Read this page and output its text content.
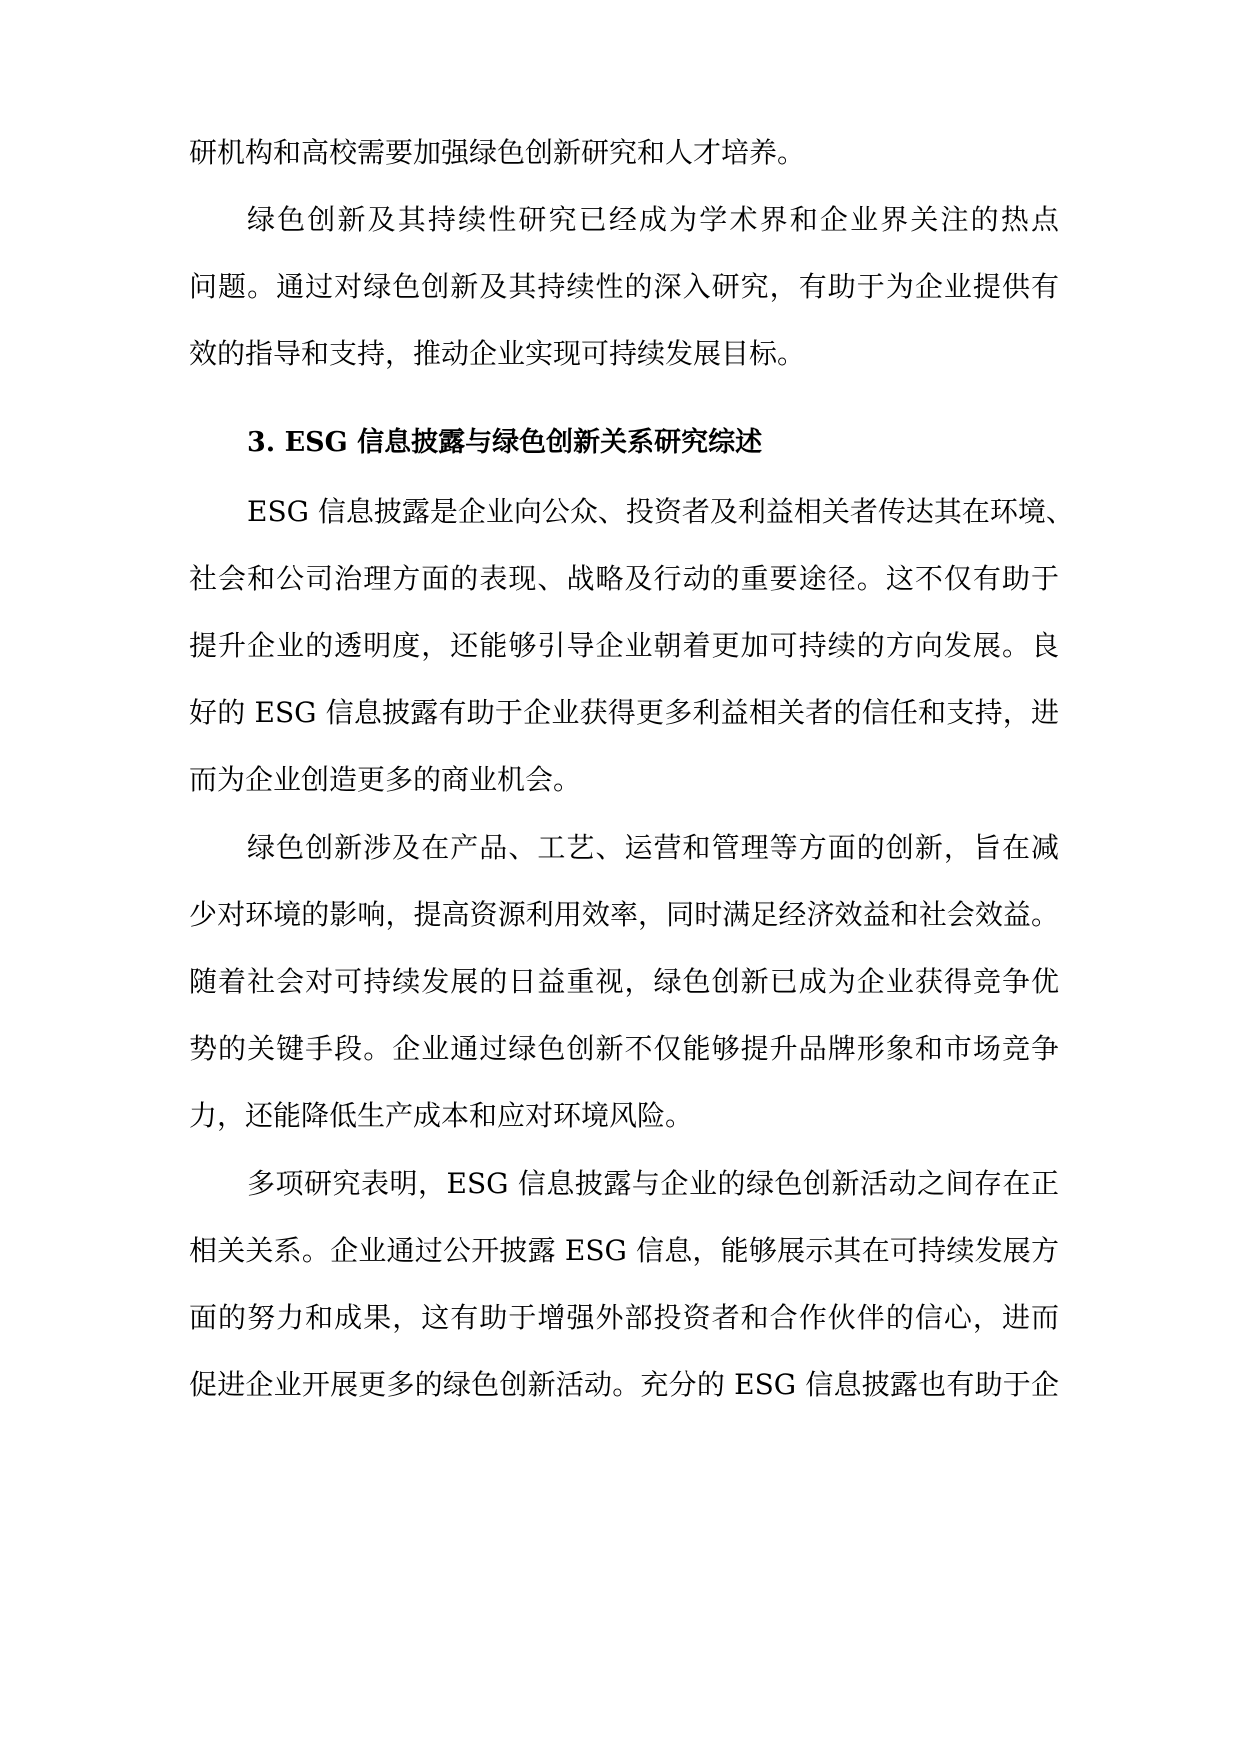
研机构和高校需要加强绿色创新研究和人才培养。
绿色创新及其持续性研究已经成为学术界和企业界关注的热点
问题。通过对绿色创新及其持续性的深入研究，有助于为企业提供有
效的指导和支持，推动企业实现可持续发展目标。
3. ESG 信息披露与绿色创新关系研究综述
ESG 信息披露是企业向公众、投资者及利益相关者传达其在环境、
社会和公司治理方面的表现、战略及行动的重要途径。这不仅有助于
提升企业的透明度，还能够引导企业朝着更加可持续的方向发展。良
好的 ESG 信息披露有助于企业获得更多利益相关者的信任和支持，进
而为企业创造更多的商业机会。
绿色创新涉及在产品、工艺、运营和管理等方面的创新，旨在减
少对环境的影响，提高资源利用效率，同时满足经济效益和社会效益。
随着社会对可持续发展的日益重视，绿色创新已成为企业获得竞争优
势的关键手段。企业通过绿色创新不仅能够提升品牌形象和市场竞争
力，还能降低生产成本和应对环境风险。
多项研究表明，ESG 信息披露与企业的绿色创新活动之间存在正
相关关系。企业通过公开披露 ESG 信息，能够展示其在可持续发展方
面的努力和成果，这有助于增强外部投资者和合作伙伴的信心，进而
促进企业开展更多的绿色创新活动。充分的 ESG 信息披露也有助于企
